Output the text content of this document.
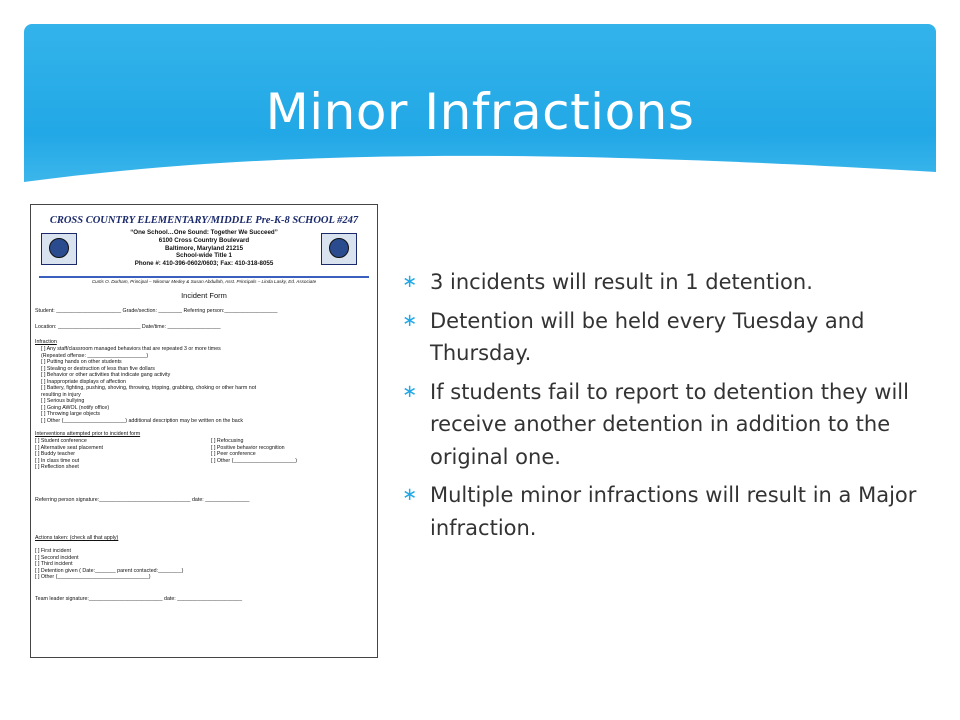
Minor Infractions
CROSS COUNTRY ELEMENTARY/MIDDLE Pre-K-8 SCHOOL #247
“One School…One Sound: Together We Succeed”
6100 Cross Country Boulevard
Baltimore, Maryland 21215
School-wide Title 1
Phone #: 410-396-0602/0603; Fax: 410-318-8055
Curtis O. Durham, Principal – Nikomar Medey & Susan Abdullah, Asst. Principals – Linda Lasky, Ed. Associate
Incident Form
Student: ______________________ Grade/section: ________ Referring person:__________________
Location: ____________________________ Date/time: __________________
Infraction
[ ] Any staff/classroom managed behaviors that are repeated 3 or more times
(Repeated offense: ____________________)
[ ] Putting hands on other students
[ ] Stealing or destruction of less than five dollars
[ ] Behavior or other activities that indicate gang activity
[ ] Inappropriate displays of affection
[ ] Battery, fighting, pushing, shoving, throwing, tripping, grabbing, choking or other harm not
resulting in injury
[ ] Serious bullying
[ ] Going AWOL (notify office)
[ ] Throwing large objects
[ ] Other (_____________________) additional description may be written on the back
Interventions attempted prior to incident form
[ ] Student conference
[ ] Alternative seat placement
[ ] Buddy teacher
[ ] In class time out
[ ] Reflection sheet
[ ] Refocusing
[ ] Positive behavior recognition
[ ] Peer conference
[ ] Other (_____________________)
Referring person signature:_______________________________ date: _______________
Actions taken: (check all that apply)
[ ] First incident
[ ] Second incident
[ ] Third incident
[ ] Detention given ( Date:_______ parent contacted:________)
[ ] Other (_______________________________)
Team leader signature:_________________________ date: ______________________
∗ 3 incidents will result in 1 detention.
∗ Detention will be held every Tuesday and Thursday.
∗ If students fail to report to detention they will receive another detention in addition to the original one.
∗ Multiple minor infractions will result in a Major infraction.
